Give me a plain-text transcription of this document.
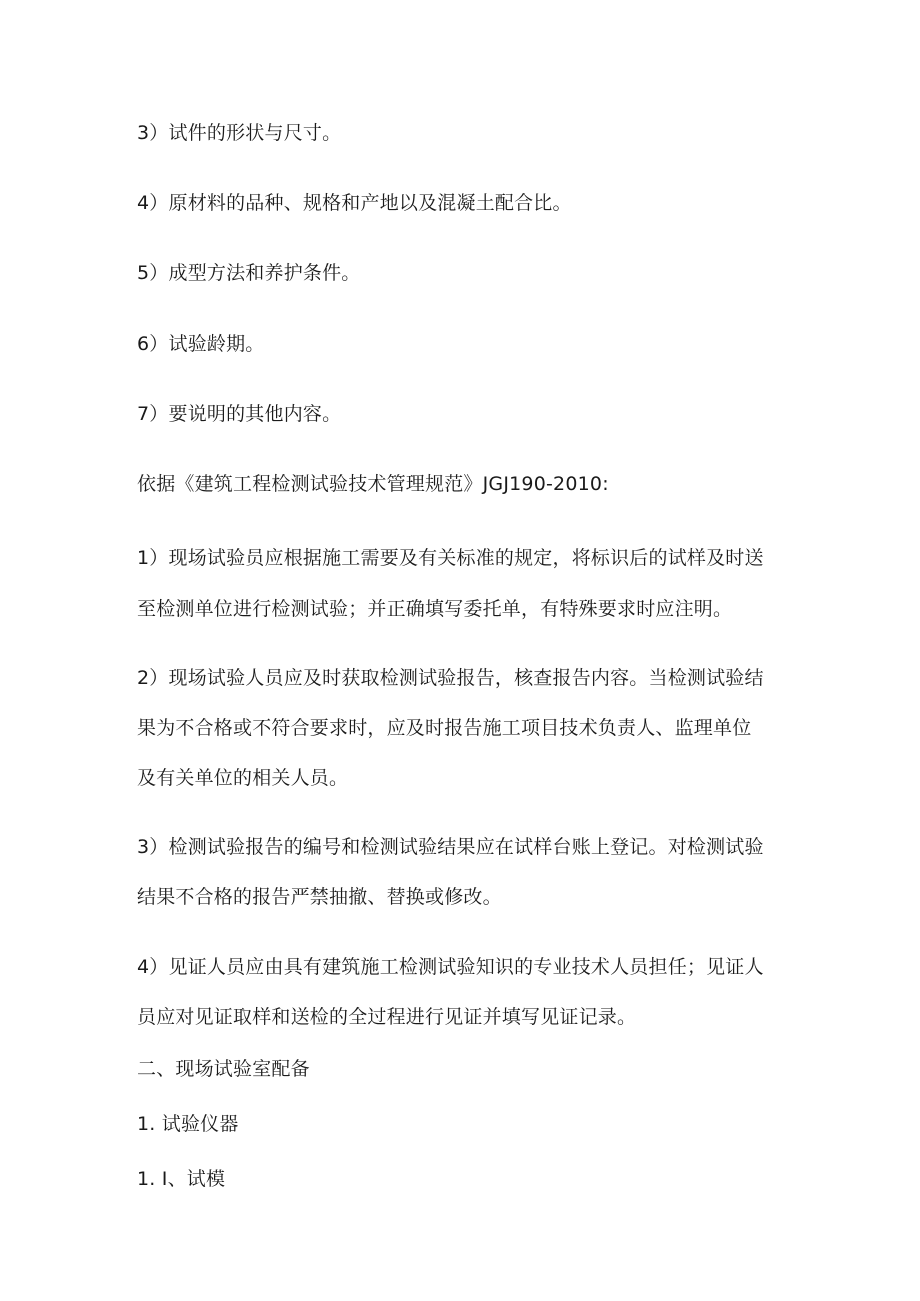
3）试件的形状与尺寸。
4）原材料的品种、规格和产地以及混凝土配合比。
5）成型方法和养护条件。
6）试验龄期。
7）要说明的其他内容。
依据《建筑工程检测试验技术管理规范》JGJ190-2010:
1）现场试验员应根据施工需要及有关标准的规定，将标识后的试样及时送
至检测单位进行检测试验；并正确填写委托单，有特殊要求时应注明。
2）现场试验人员应及时获取检测试验报告，核查报告内容。当检测试验结
果为不合格或不符合要求时，应及时报告施工项目技术负责人、监理单位
及有关单位的相关人员。
3）检测试验报告的编号和检测试验结果应在试样台账上登记。对检测试验
结果不合格的报告严禁抽撤、替换或修改。
4）见证人员应由具有建筑施工检测试验知识的专业技术人员担任；见证人
员应对见证取样和送检的全过程进行见证并填写见证记录。
二、现场试验室配备
1. 试验仪器
1. I、试模
